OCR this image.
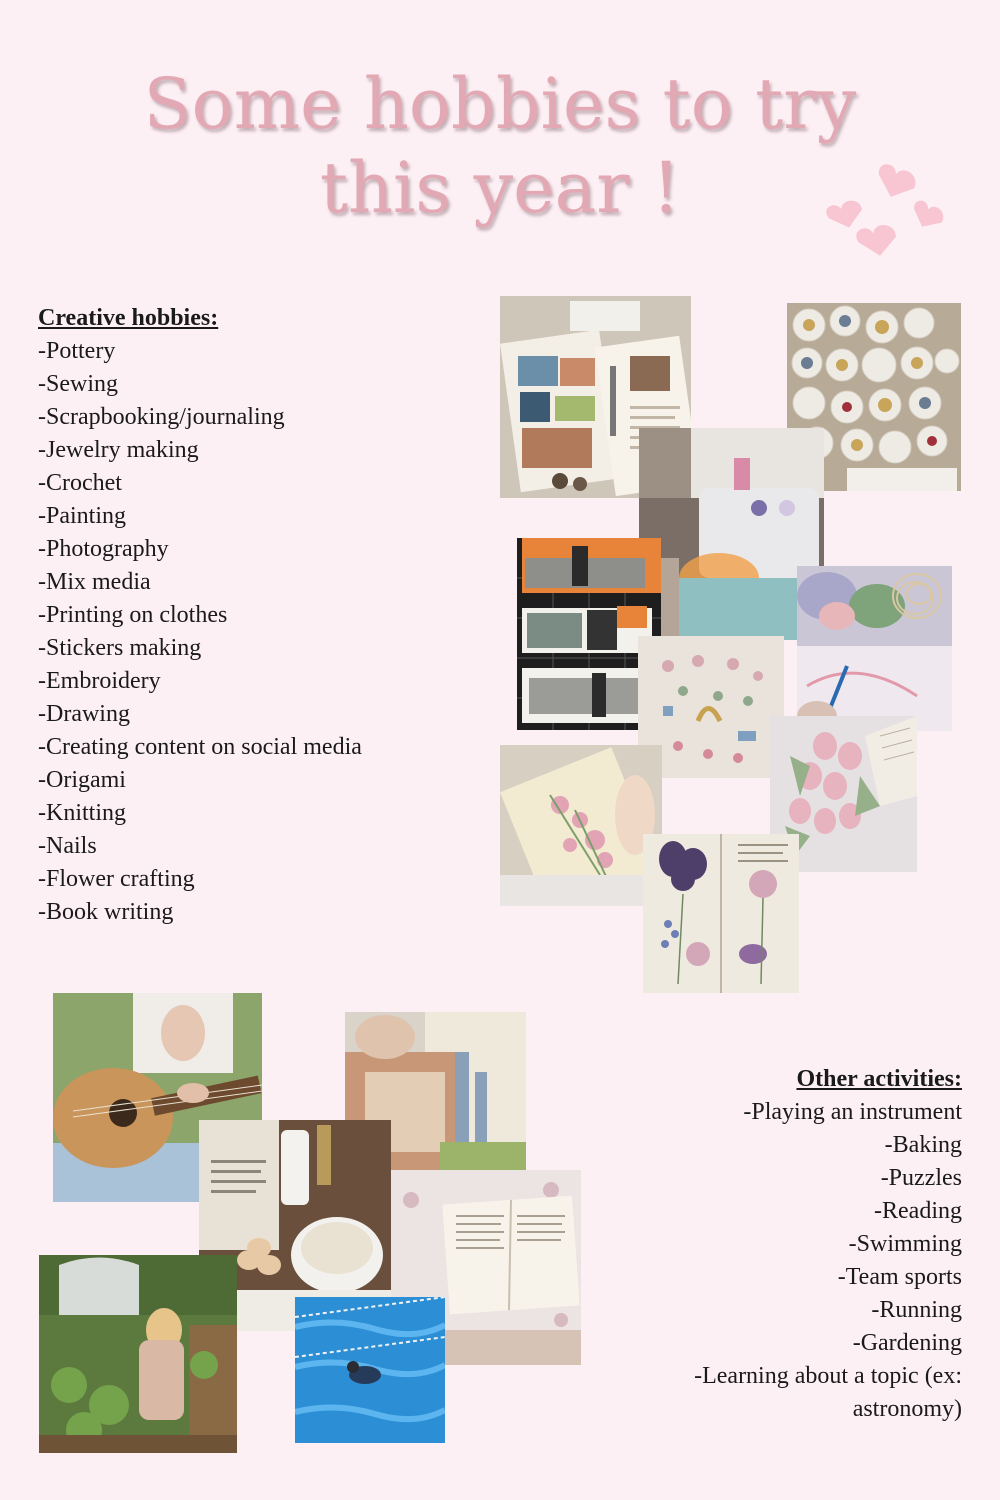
Some hobbies to try
this year !
Creative hobbies:
-Pottery
-Sewing
-Scrapbooking/journaling
-Jewelry making
-Crochet
-Painting
-Photography
-Mix media
-Printing on clothes
-Stickers making
-Embroidery
-Drawing
-Creating content on social media
-Origami
-Knitting
-Nails
-Flower crafting
-Book writing
Other activities:
-Playing an instrument
-Baking
-Puzzles
-Reading
-Swimming
-Team sports
-Running
-Gardening
-Learning about a topic (ex: astronomy)
